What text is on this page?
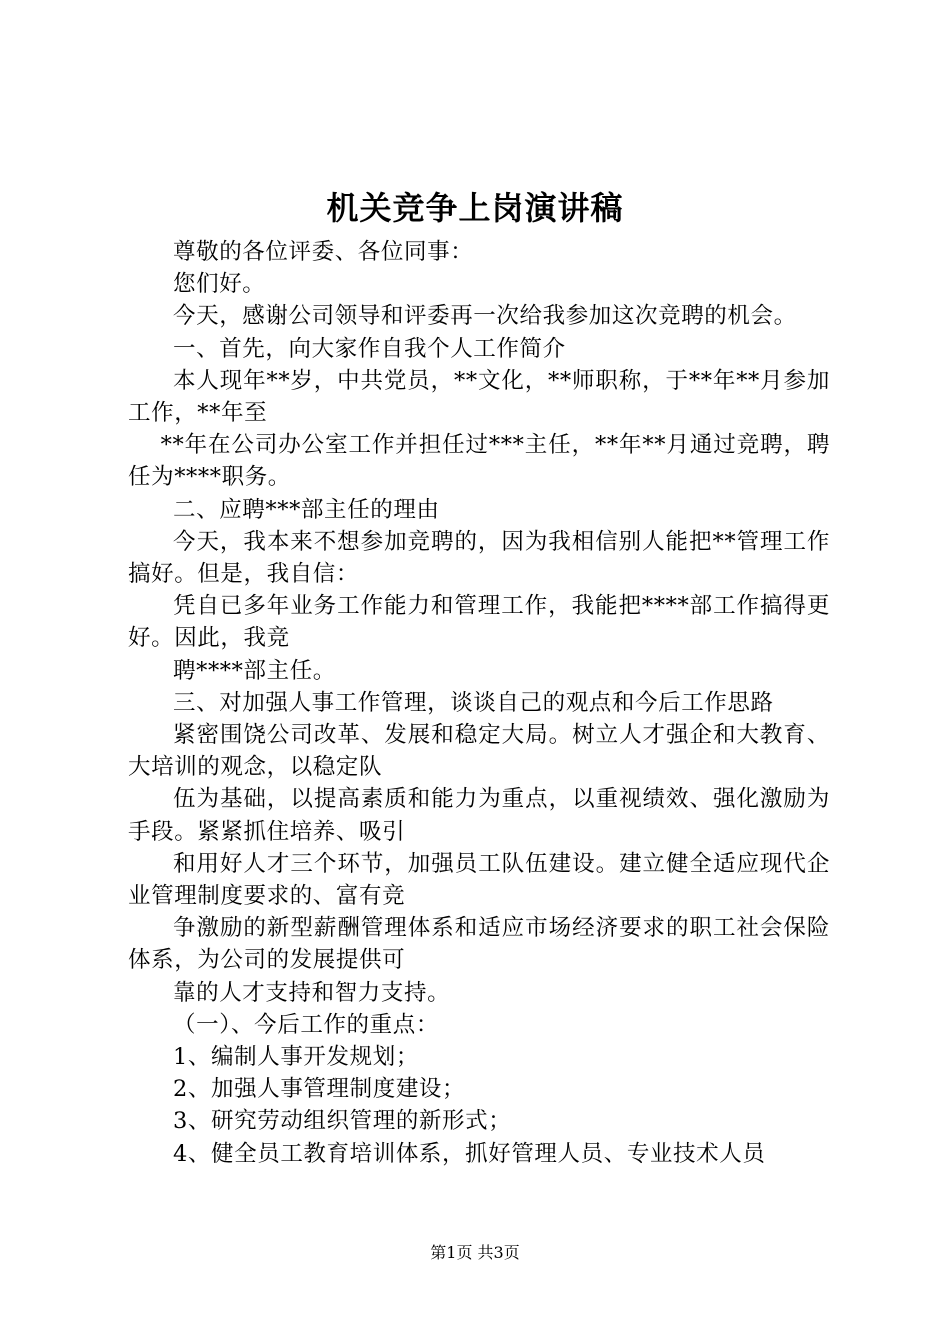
机关竞争上岗演讲稿

尊敬的各位评委、各位同事：

您们好。

今天，感谢公司领导和评委再一次给我参加这次竞聘的机会。

一、首先，向大家作自我个人工作简介

本人现年**岁，中共党员，**文化，**师职称，于**年**月参加工作，**年至

**年在公司办公室工作并担任过***主任，**年**月通过竞聘，聘任为****职务。

二、应聘***部主任的理由

今天，我本来不想参加竞聘的，因为我相信别人能把**管理工作搞好。但是，我自信：

凭自已多年业务工作能力和管理工作，我能把****部工作搞得更好。因此，我竞

聘****部主任。

三、对加强人事工作管理，谈谈自己的观点和今后工作思路

紧密围饶公司改革、发展和稳定大局。树立人才强企和大教育、大培训的观念，以稳定队

伍为基础，以提高素质和能力为重点，以重视绩效、强化激励为手段。紧紧抓住培养、吸引

和用好人才三个环节，加强员工队伍建设。建立健全适应现代企业管理制度要求的、富有竞

争激励的新型薪酬管理体系和适应市场经济要求的职工社会保险体系，为公司的发展提供可

靠的人才支持和智力支持。

（一）、今后工作的重点：

1、编制人事开发规划；

2、加强人事管理制度建设；

3、研究劳动组织管理的新形式；

4、健全员工教育培训体系，抓好管理人员、专业技术人员

第1页 共3页
